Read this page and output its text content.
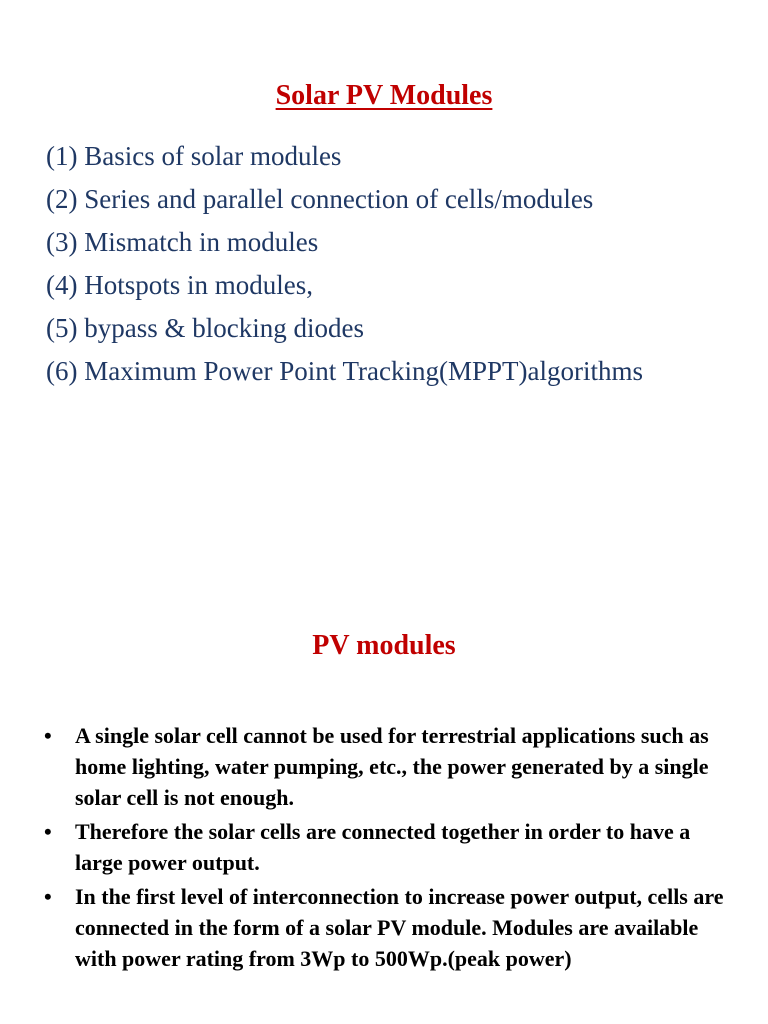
Solar PV Modules
(1) Basics of solar modules
(2) Series and parallel connection of cells/modules
(3) Mismatch in modules
(4) Hotspots in modules,
(5) bypass & blocking diodes
(6) Maximum Power Point Tracking(MPPT)algorithms
PV modules
• A single solar cell cannot be used for terrestrial applications such as home lighting, water pumping, etc., the power generated by a single solar cell is not enough.
• Therefore the solar cells are connected together in order to have a large power output.
• In the first level of interconnection to increase power output, cells are connected in the form of a solar PV module. Modules are available with power rating from 3Wp to 500Wp.(peak power)
